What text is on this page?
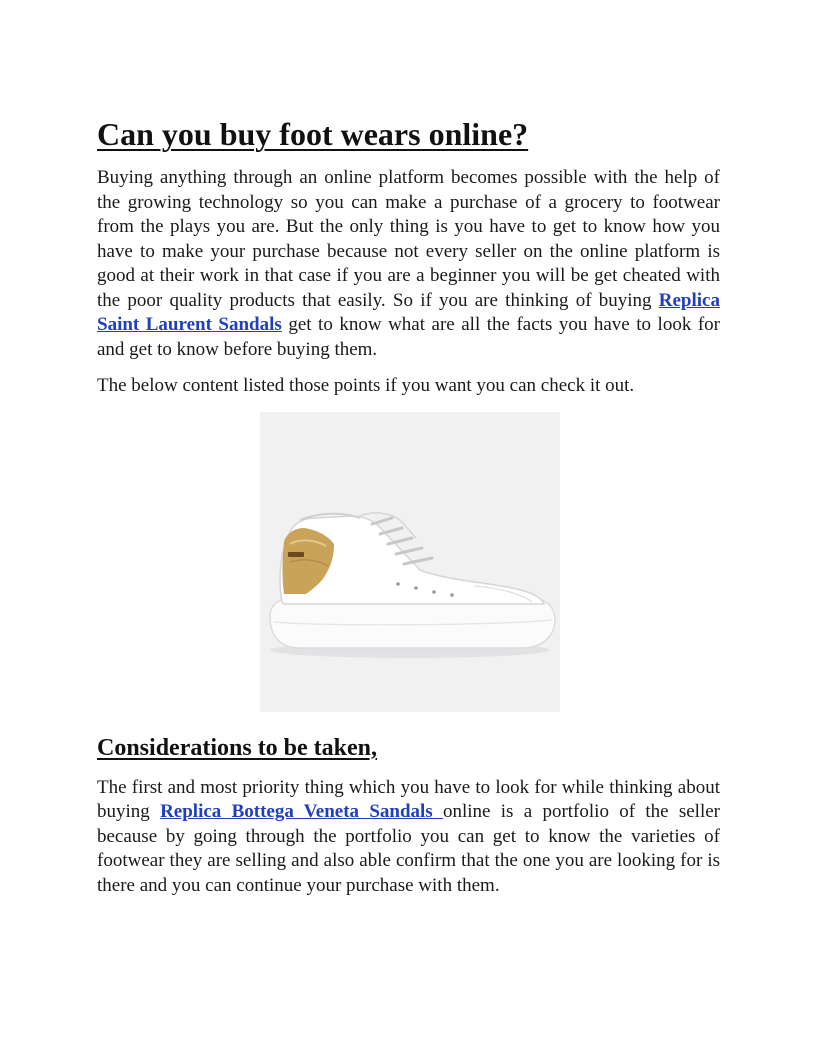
Can you buy foot wears online?

Buying anything through an online platform becomes possible with the help of the growing technology so you can make a purchase of a grocery to footwear from the plays you are. But the only thing is you have to get to know how you have to make your purchase because not every seller on the online platform is good at their work in that case if you are a beginner you will be get cheated with the poor quality products that easily. So if you are thinking of buying Replica Saint Laurent Sandals get to know what are all the facts you have to look for and get to know before buying them.

The below content listed those points if you want you can check it out.

Considerations to be taken,

The first and most priority thing which you have to look for while thinking about buying Replica Bottega Veneta Sandals online is a portfolio of the seller because by going through the portfolio you can get to know the varieties of footwear they are selling and also able confirm that the one you are looking for is there and you can continue your purchase with them.
